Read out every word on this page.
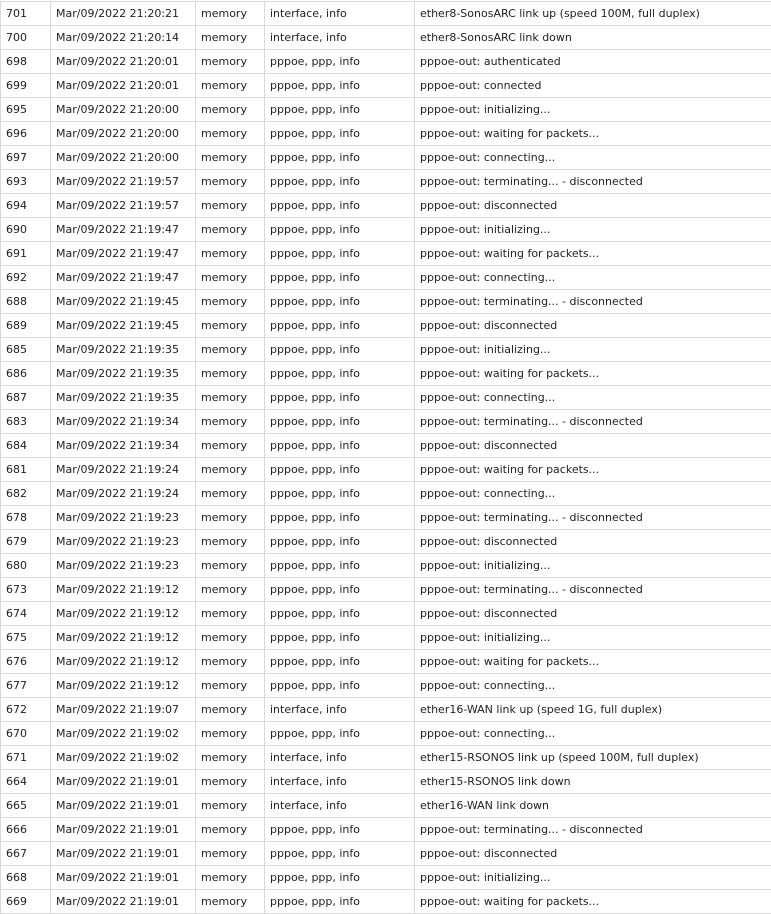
701	Mar/09/2022 21:20:21	memory	interface, info	ether8-SonosARC link up (speed 100M, full duplex)
700	Mar/09/2022 21:20:14	memory	interface, info	ether8-SonosARC link down
698	Mar/09/2022 21:20:01	memory	pppoe, ppp, info	pppoe-out: authenticated
699	Mar/09/2022 21:20:01	memory	pppoe, ppp, info	pppoe-out: connected
695	Mar/09/2022 21:20:00	memory	pppoe, ppp, info	pppoe-out: initializing...
696	Mar/09/2022 21:20:00	memory	pppoe, ppp, info	pppoe-out: waiting for packets...
697	Mar/09/2022 21:20:00	memory	pppoe, ppp, info	pppoe-out: connecting...
693	Mar/09/2022 21:19:57	memory	pppoe, ppp, info	pppoe-out: terminating... - disconnected
694	Mar/09/2022 21:19:57	memory	pppoe, ppp, info	pppoe-out: disconnected
690	Mar/09/2022 21:19:47	memory	pppoe, ppp, info	pppoe-out: initializing...
691	Mar/09/2022 21:19:47	memory	pppoe, ppp, info	pppoe-out: waiting for packets...
692	Mar/09/2022 21:19:47	memory	pppoe, ppp, info	pppoe-out: connecting...
688	Mar/09/2022 21:19:45	memory	pppoe, ppp, info	pppoe-out: terminating... - disconnected
689	Mar/09/2022 21:19:45	memory	pppoe, ppp, info	pppoe-out: disconnected
685	Mar/09/2022 21:19:35	memory	pppoe, ppp, info	pppoe-out: initializing...
686	Mar/09/2022 21:19:35	memory	pppoe, ppp, info	pppoe-out: waiting for packets...
687	Mar/09/2022 21:19:35	memory	pppoe, ppp, info	pppoe-out: connecting...
683	Mar/09/2022 21:19:34	memory	pppoe, ppp, info	pppoe-out: terminating... - disconnected
684	Mar/09/2022 21:19:34	memory	pppoe, ppp, info	pppoe-out: disconnected
681	Mar/09/2022 21:19:24	memory	pppoe, ppp, info	pppoe-out: waiting for packets...
682	Mar/09/2022 21:19:24	memory	pppoe, ppp, info	pppoe-out: connecting...
678	Mar/09/2022 21:19:23	memory	pppoe, ppp, info	pppoe-out: terminating... - disconnected
679	Mar/09/2022 21:19:23	memory	pppoe, ppp, info	pppoe-out: disconnected
680	Mar/09/2022 21:19:23	memory	pppoe, ppp, info	pppoe-out: initializing...
673	Mar/09/2022 21:19:12	memory	pppoe, ppp, info	pppoe-out: terminating... - disconnected
674	Mar/09/2022 21:19:12	memory	pppoe, ppp, info	pppoe-out: disconnected
675	Mar/09/2022 21:19:12	memory	pppoe, ppp, info	pppoe-out: initializing...
676	Mar/09/2022 21:19:12	memory	pppoe, ppp, info	pppoe-out: waiting for packets...
677	Mar/09/2022 21:19:12	memory	pppoe, ppp, info	pppoe-out: connecting...
672	Mar/09/2022 21:19:07	memory	interface, info	ether16-WAN link up (speed 1G, full duplex)
670	Mar/09/2022 21:19:02	memory	pppoe, ppp, info	pppoe-out: connecting...
671	Mar/09/2022 21:19:02	memory	interface, info	ether15-RSONOS link up (speed 100M, full duplex)
664	Mar/09/2022 21:19:01	memory	interface, info	ether15-RSONOS link down
665	Mar/09/2022 21:19:01	memory	interface, info	ether16-WAN link down
666	Mar/09/2022 21:19:01	memory	pppoe, ppp, info	pppoe-out: terminating... - disconnected
667	Mar/09/2022 21:19:01	memory	pppoe, ppp, info	pppoe-out: disconnected
668	Mar/09/2022 21:19:01	memory	pppoe, ppp, info	pppoe-out: initializing...
669	Mar/09/2022 21:19:01	memory	pppoe, ppp, info	pppoe-out: waiting for packets...
